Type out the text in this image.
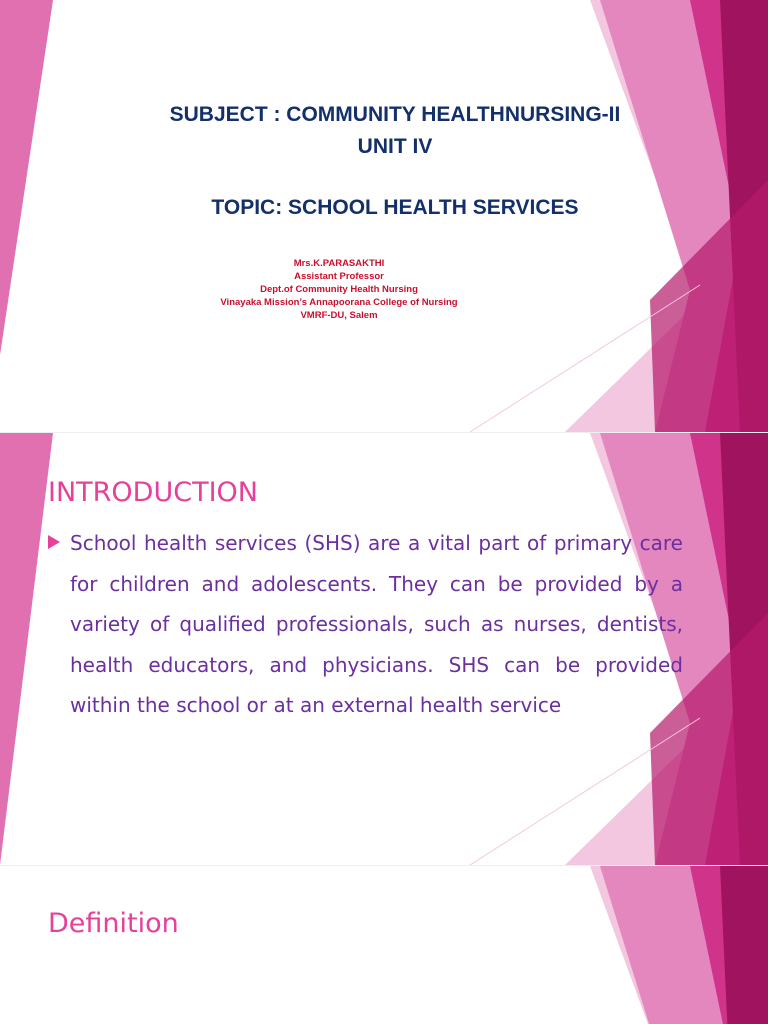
SUBJECT : COMMUNITY HEALTHNURSING-II
UNIT IV
TOPIC: SCHOOL HEALTH SERVICES
Mrs.K.PARASAKTHI
Assistant Professor
Dept.of Community Health Nursing
Vinayaka Mission’s Annapoorana College of Nursing
VMRF-DU, Salem
INTRODUCTION
School health services (SHS) are a vital part of primary care for children and adolescents. They can be provided by a variety of qualified professionals, such as nurses, dentists, health educators, and physicians. SHS can be provided within the school or at an external health service
Definition
